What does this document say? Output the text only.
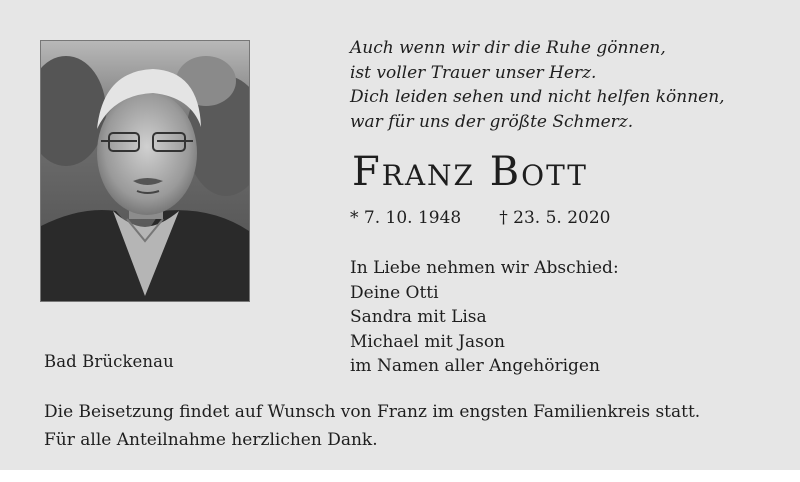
Auch wenn wir dir die Ruhe gönnen,
ist voller Trauer unser Herz.
Dich leiden sehen und nicht helfen können,
war für uns der größte Schmerz.
Franz Bott
* 7. 10. 1948 † 23. 5. 2020
In Liebe nehmen wir Abschied:
Deine Otti
Sandra mit Lisa
Michael mit Jason
im Namen aller Angehörigen
Bad Brückenau
Die Beisetzung findet auf Wunsch von Franz im engsten Familienkreis statt.
Für alle Anteilnahme herzlichen Dank.
